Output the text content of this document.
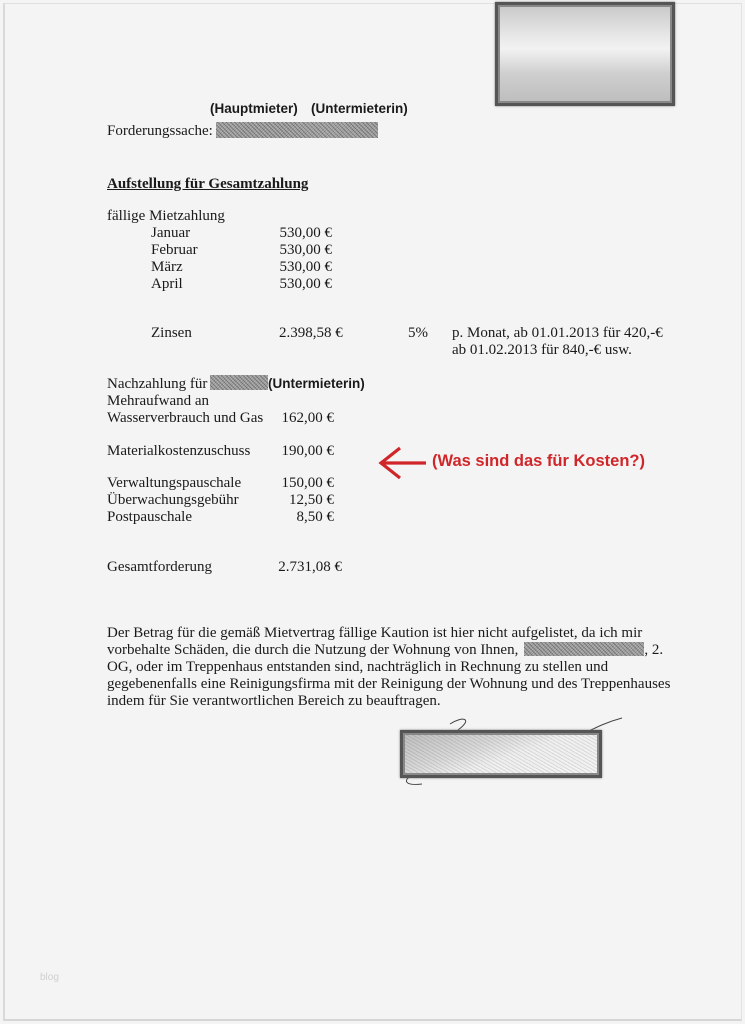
(Hauptmieter) (Untermieterin)
Forderungssache:
Aufstellung für Gesamtzahlung
fällige Mietzahlung
Januar	530,00 €
Februar	530,00 €
März	530,00 €
April	530,00 €
Zinsen	2.398,58 €	5% p. Monat, ab 01.01.2013 für 420,-€
ab 01.02.2013 für 840,-€ usw.
Nachzahlung für	(Untermieterin)
Mehraufwand an
Wasserverbrauch und Gas	162,00 €
Materialkostenzuschuss	190,00 €
(Was sind das für Kosten?)
Verwaltungspauschale	150,00 €
Überwachungsgebühr	12,50 €
Postpauschale	8,50 €
Gesamtforderung	2.731,08 €
Der Betrag für die gemäß Mietvertrag fällige Kaution ist hier nicht aufgelistet, da ich mir
vorbehalte Schäden, die durch die Nutzung der Wohnung von Ihnen,	, 2.
OG, oder im Treppenhaus entstanden sind, nachträglich in Rechnung zu stellen und
gegebenenfalls eine Reinigungsfirma mit der Reinigung der Wohnung und des Treppenhauses
indem für Sie verantwortlichen Bereich zu beauftragen.
blog
